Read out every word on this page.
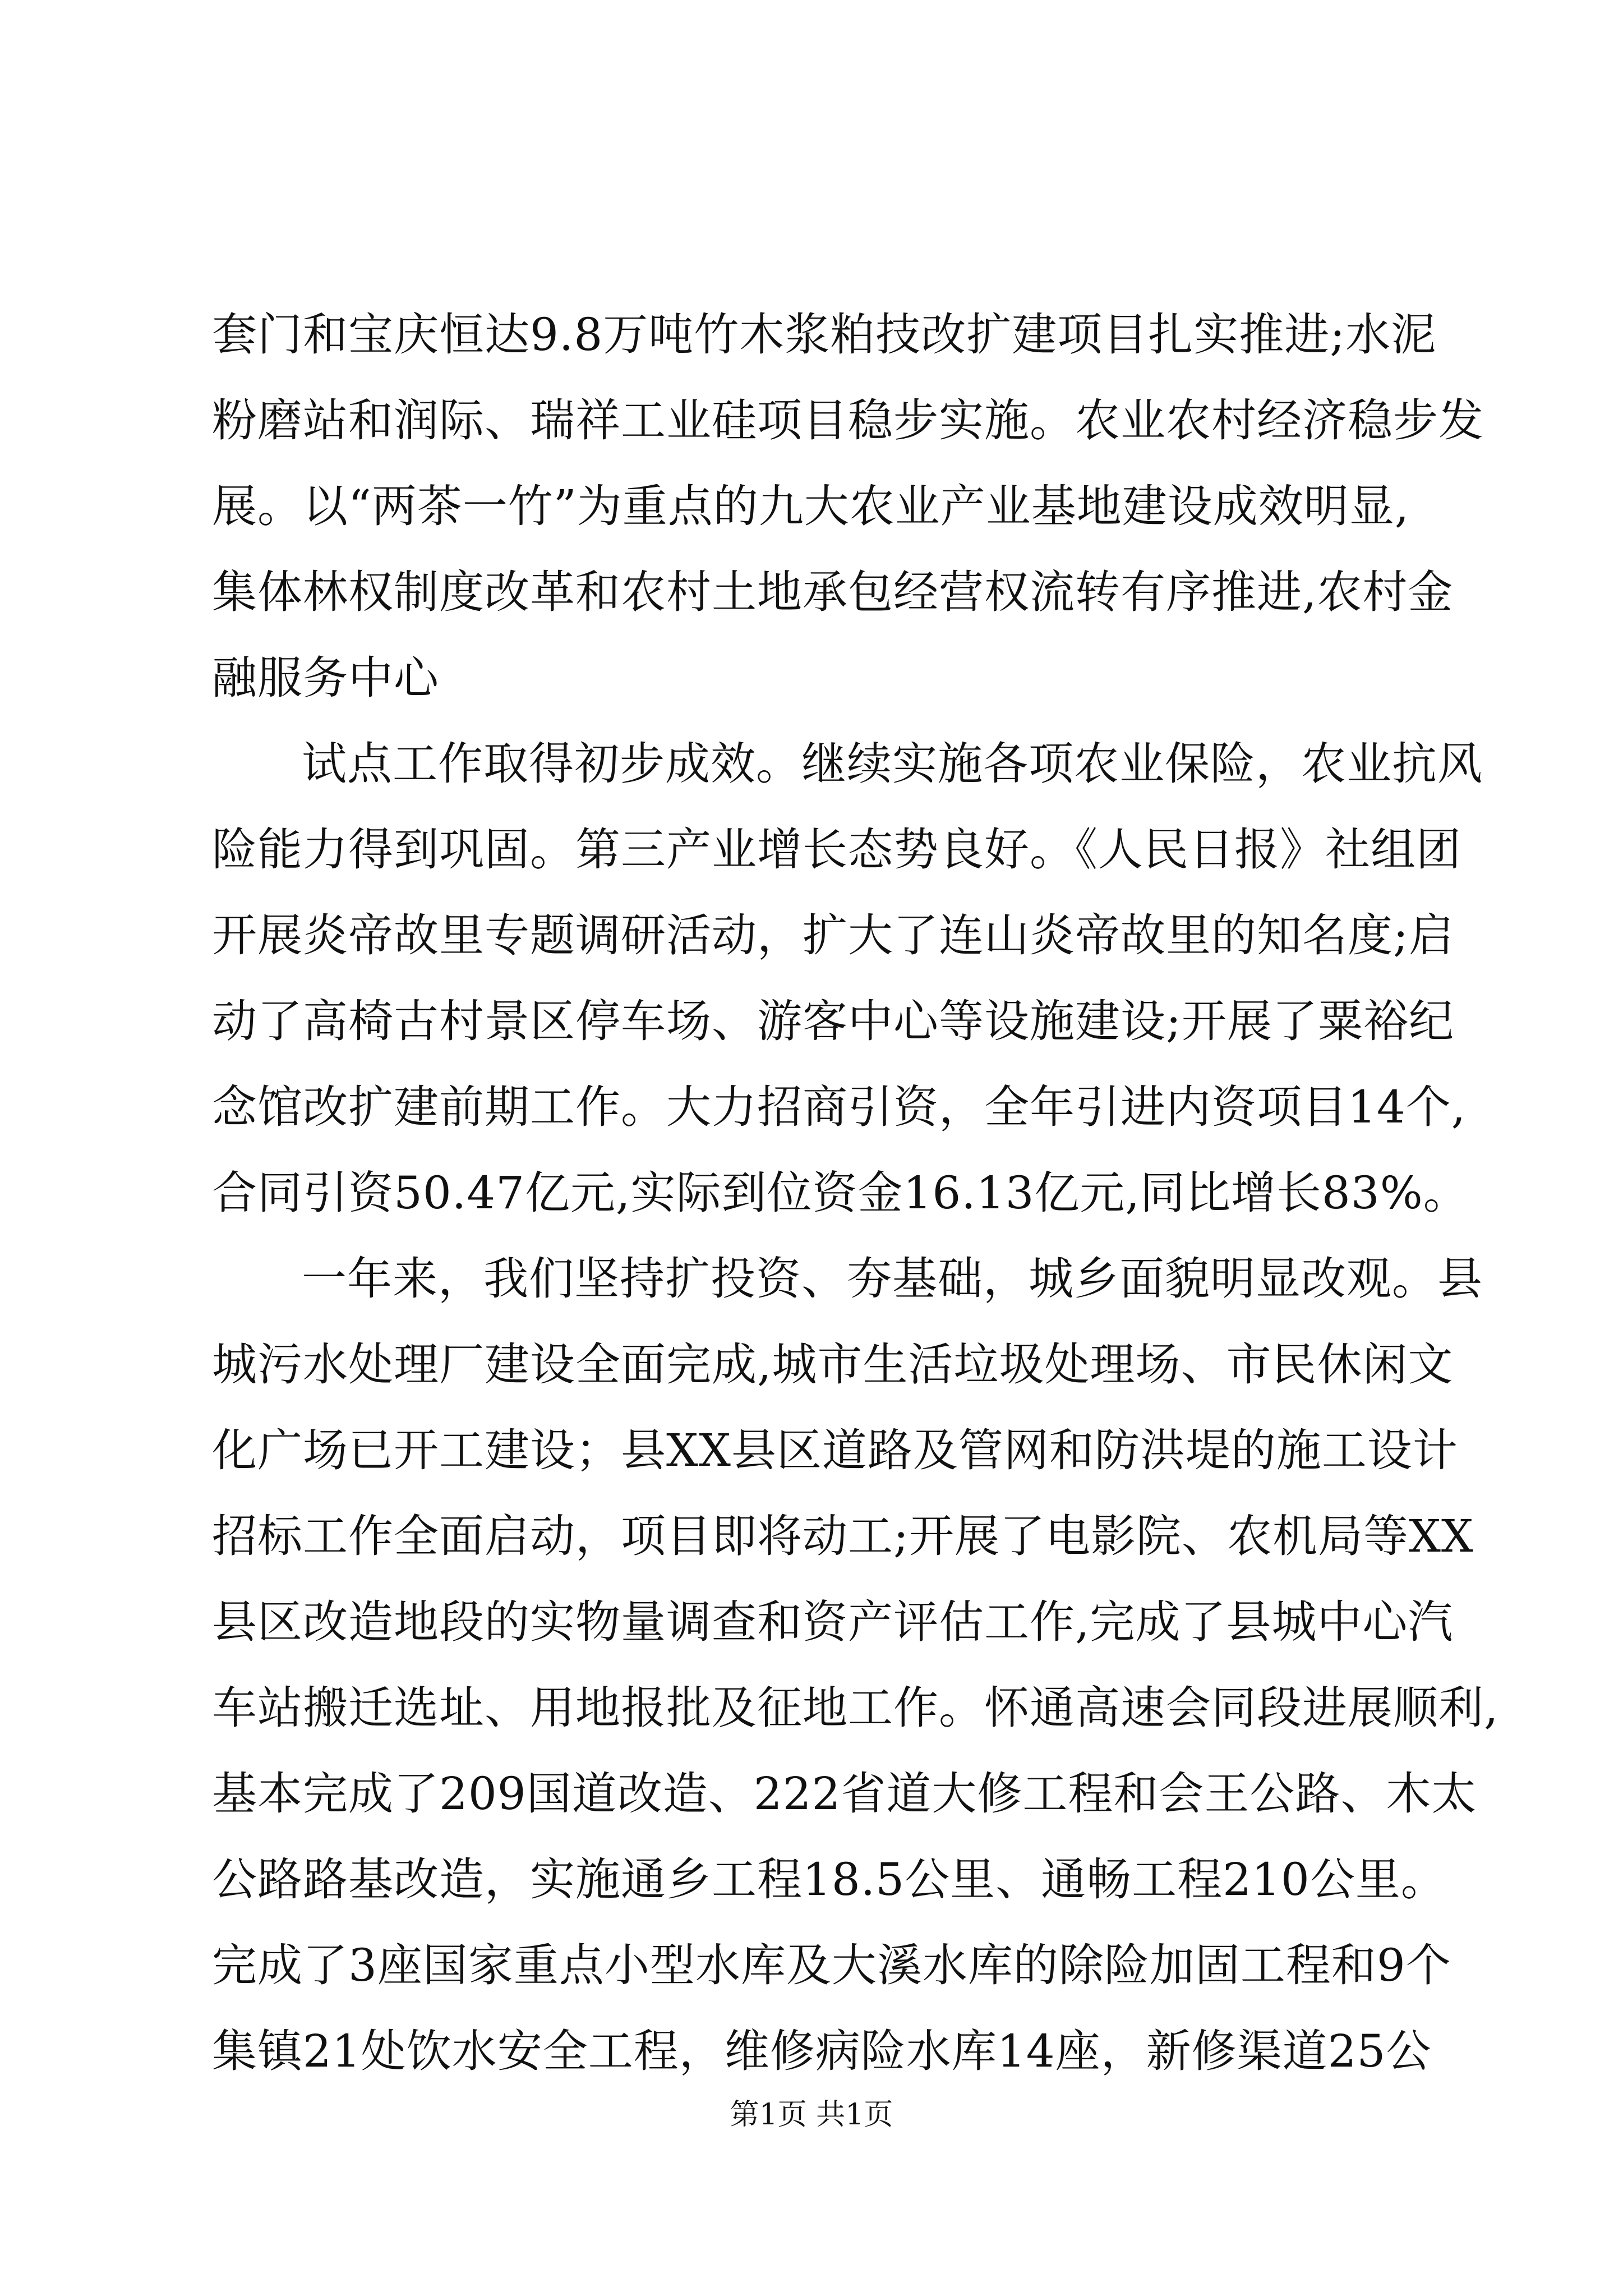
套门和宝庆恒达9.8万吨竹木浆粕技改扩建项目扎实推进;水泥
粉磨站和润际、瑞祥工业硅项目稳步实施。农业农村经济稳步发
展。以“两茶一竹”为重点的九大农业产业基地建设成效明显,
集体林权制度改革和农村土地承包经营权流转有序推进,农村金
融服务中心

试点工作取得初步成效。继续实施各项农业保险，农业抗风
险能力得到巩固。第三产业增长态势良好。《人民日报》社组团
开展炎帝故里专题调研活动，扩大了连山炎帝故里的知名度;启
动了高椅古村景区停车场、游客中心等设施建设;开展了粟裕纪
念馆改扩建前期工作。大力招商引资，全年引进内资项目14个,
合同引资50.47亿元,实际到位资金16.13亿元,同比增长83%。

一年来，我们坚持扩投资、夯基础，城乡面貌明显改观。县
城污水处理厂建设全面完成,城市生活垃圾处理场、市民休闲文
化广场已开工建设；县XX县区道路及管网和防洪堤的施工设计
招标工作全面启动，项目即将动工;开展了电影院、农机局等XX
县区改造地段的实物量调查和资产评估工作,完成了县城中心汽
车站搬迁选址、用地报批及征地工作。怀通高速会同段进展顺利,
基本完成了209国道改造、222省道大修工程和会王公路、木太
公路路基改造，实施通乡工程18.5公里、通畅工程210公里。
完成了3座国家重点小型水库及大溪水库的除险加固工程和9个
集镇21处饮水安全工程，维修病险水库14座，新修渠道25公

第1页 共1页
